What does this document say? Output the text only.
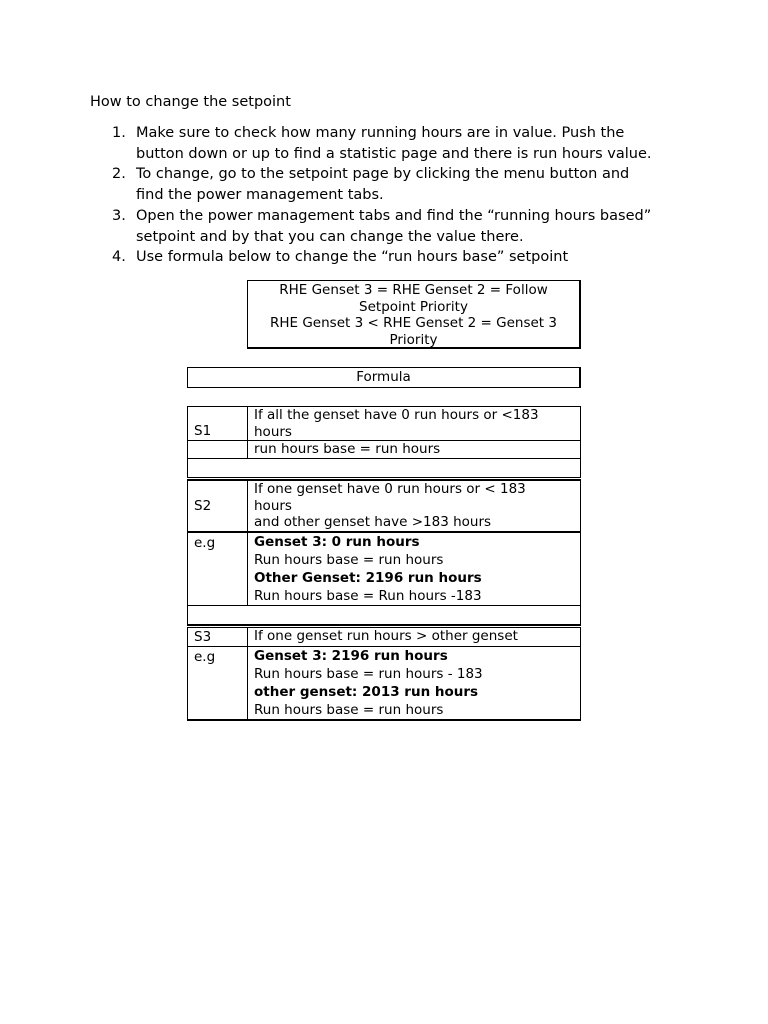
How to change the setpoint
1. Make sure to check how many running hours are in value. Push the
button down or up to find a statistic page and there is run hours value.
2. To change, go to the setpoint page by clicking the menu button and
find the power management tabs.
3. Open the power management tabs and find the “running hours based”
setpoint and by that you can change the value there.
4. Use formula below to change the “run hours base” setpoint
RHE Genset 3 = RHE Genset 2 = Follow
Setpoint Priority
RHE Genset 3 < RHE Genset 2 = Genset 3
Priority
Formula
S1	If all the genset have 0 run hours or <183
hours

	run hours base = run hours

S2	If one genset have 0 run hours or < 183
hours
and other genset have >183 hours

e.g	Genset 3: 0 run hours
Run hours base = run hours
Other Genset: 2196 run hours
Run hours base = Run hours -183

S3	If one genset run hours > other genset
e.g	Genset 3: 2196 run hours
Run hours base = run hours - 183
other genset: 2013 run hours
Run hours base = run hours
